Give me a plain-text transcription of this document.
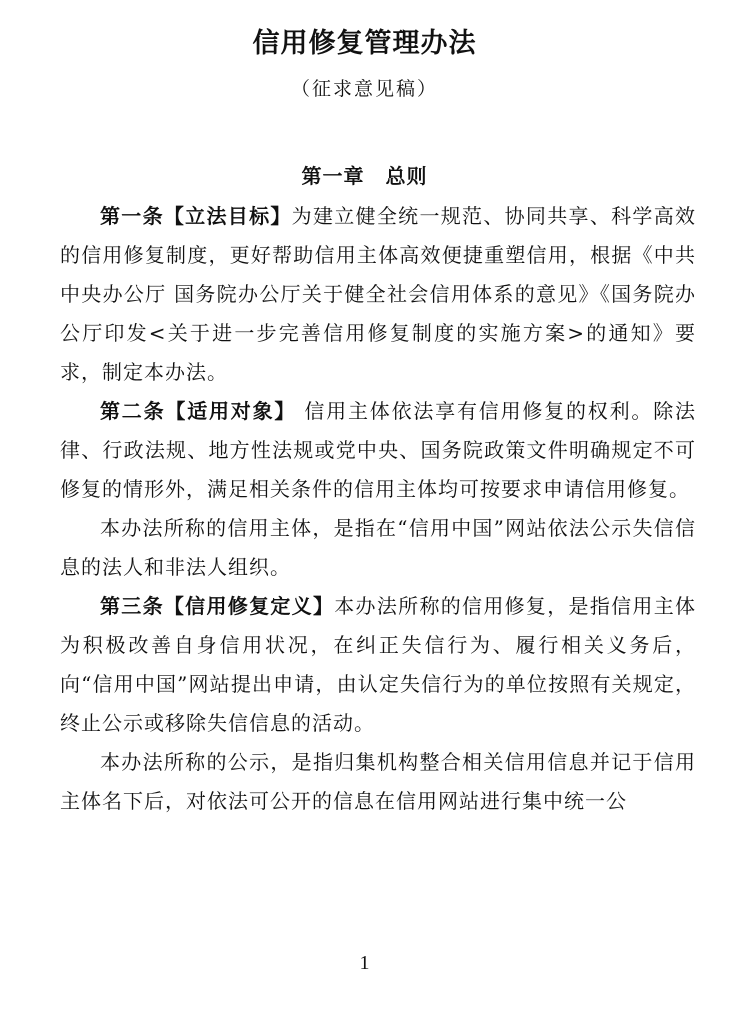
信用修复管理办法
（征求意见稿）
第一章　总则

第一条【立法目标】为建立健全统一规范、协同共享、科学高效的信用修复制度，更好帮助信用主体高效便捷重塑信用，根据《中共中央办公厅 国务院办公厅关于健全社会信用体系的意见》《国务院办公厅印发<关于进一步完善信用修复制度的实施方案>的通知》要求，制定本办法。

第二条【适用对象】 信用主体依法享有信用修复的权利。除法律、行政法规、地方性法规或党中央、国务院政策文件明确规定不可修复的情形外，满足相关条件的信用主体均可按要求申请信用修复。

本办法所称的信用主体，是指在“信用中国”网站依法公示失信信息的法人和非法人组织。

第三条【信用修复定义】本办法所称的信用修复，是指信用主体为积极改善自身信用状况，在纠正失信行为、履行相关义务后，向“信用中国”网站提出申请，由认定失信行为的单位按照有关规定，终止公示或移除失信信息的活动。

本办法所称的公示，是指归集机构整合相关信用信息并记于信用主体名下后，对依法可公开的信息在信用网站进行集中统一公

1
